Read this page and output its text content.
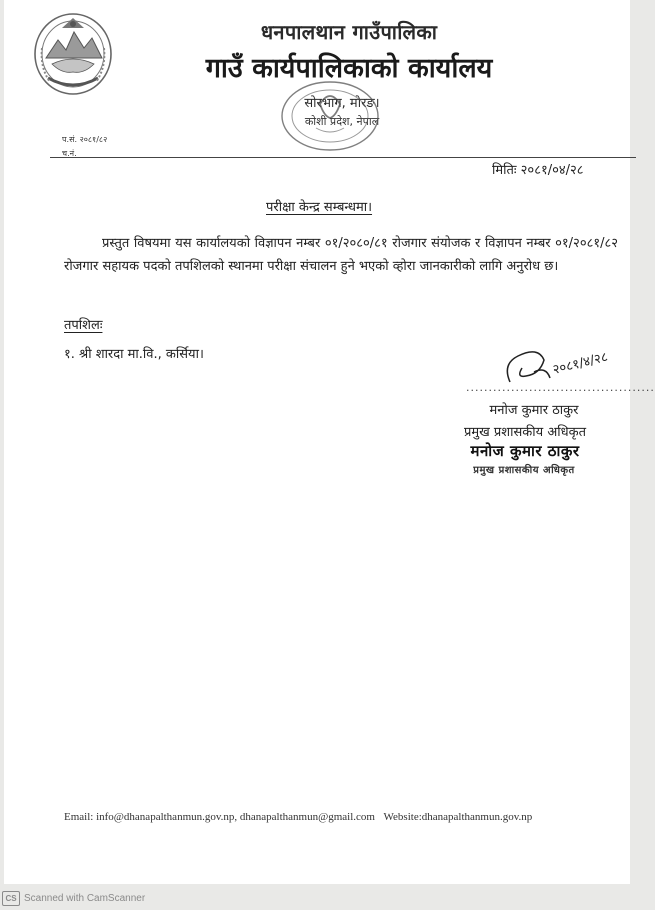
धनपालथान गाउँपालिका
गाउँ कार्यपालिकाको कार्यालय
सोरभाग, मोरङ।
कोशी प्रदेश, नेपाल
प.सं. २०८१/८२
च.नं.
मितिः २०८१/०४/२८
परीक्षा केन्द्र सम्बन्धमा।
प्रस्तुत विषयमा यस कार्यालयको विज्ञापन नम्बर ०१/२०८०/८१ रोजगार संयोजक र विज्ञापन नम्बर ०१/२०८१/८२ रोजगार सहायक पदको तपशिलको स्थानमा परीक्षा संचालन हुने भएको व्होरा जानकारीको लागि अनुरोध छ।
तपशिलः
१. श्री शारदा मा.वि., कर्सिया।	२०८१/४/२८
..........................................
मनोज कुमार ठाकुर
प्रमुख प्रशासकीय अधिकृत
मनोज कुमार ठाकुर
प्रमुख प्रशासकीय अधिकृत
Email: info@dhanapalthanmun.gov.np, dhanapalthanmun@gmail.com Website:dhanapalthanmun.gov.np
CS Scanned with CamScanner
